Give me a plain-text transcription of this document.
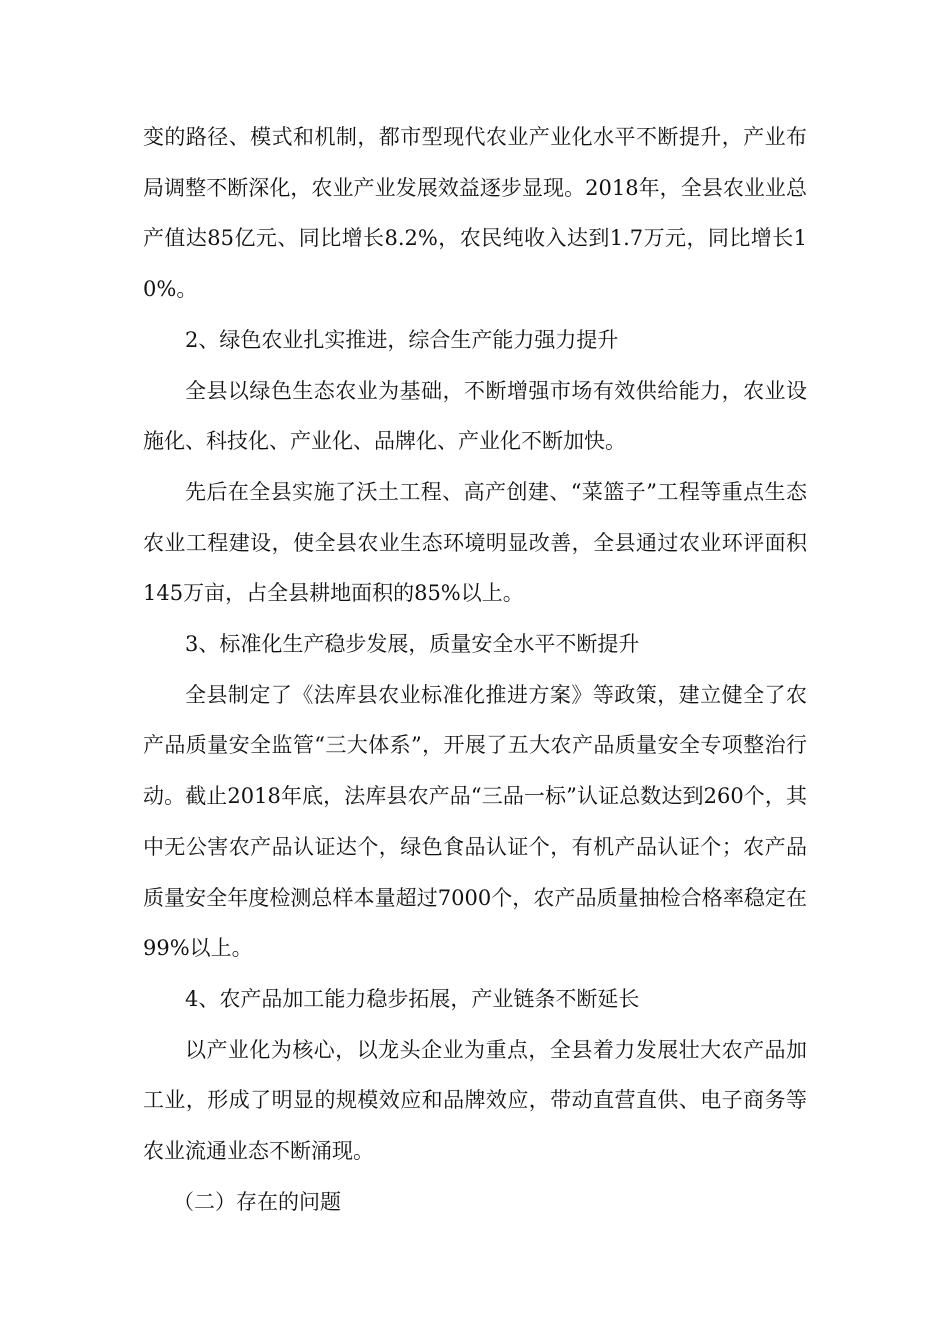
变的路径、模式和机制，都市型现代农业产业化水平不断提升，产业布局调整不断深化，农业产业发展效益逐步显现。2018年，全县农业业总产值达85亿元、同比增长8.2%，农民纯收入达到1.7万元，同比增长10%。

2、绿色农业扎实推进，综合生产能力强力提升

全县以绿色生态农业为基础，不断增强市场有效供给能力，农业设施化、科技化、产业化、品牌化、产业化不断加快。

先后在全县实施了沃土工程、高产创建、“菜篮子”工程等重点生态农业工程建设，使全县农业生态环境明显改善，全县通过农业环评面积145万亩，占全县耕地面积的85%以上。

3、标准化生产稳步发展，质量安全水平不断提升

全县制定了《法库县农业标准化推进方案》等政策，建立健全了农产品质量安全监管“三大体系”，开展了五大农产品质量安全专项整治行动。截止2018年底，法库县农产品“三品一标”认证总数达到260个，其中无公害农产品认证达个，绿色食品认证个，有机产品认证个；农产品质量安全年度检测总样本量超过7000个，农产品质量抽检合格率稳定在99%以上。

4、农产品加工能力稳步拓展，产业链条不断延长

以产业化为核心，以龙头企业为重点，全县着力发展壮大农产品加工业，形成了明显的规模效应和品牌效应，带动直营直供、电子商务等农业流通业态不断涌现。

（二）存在的问题
